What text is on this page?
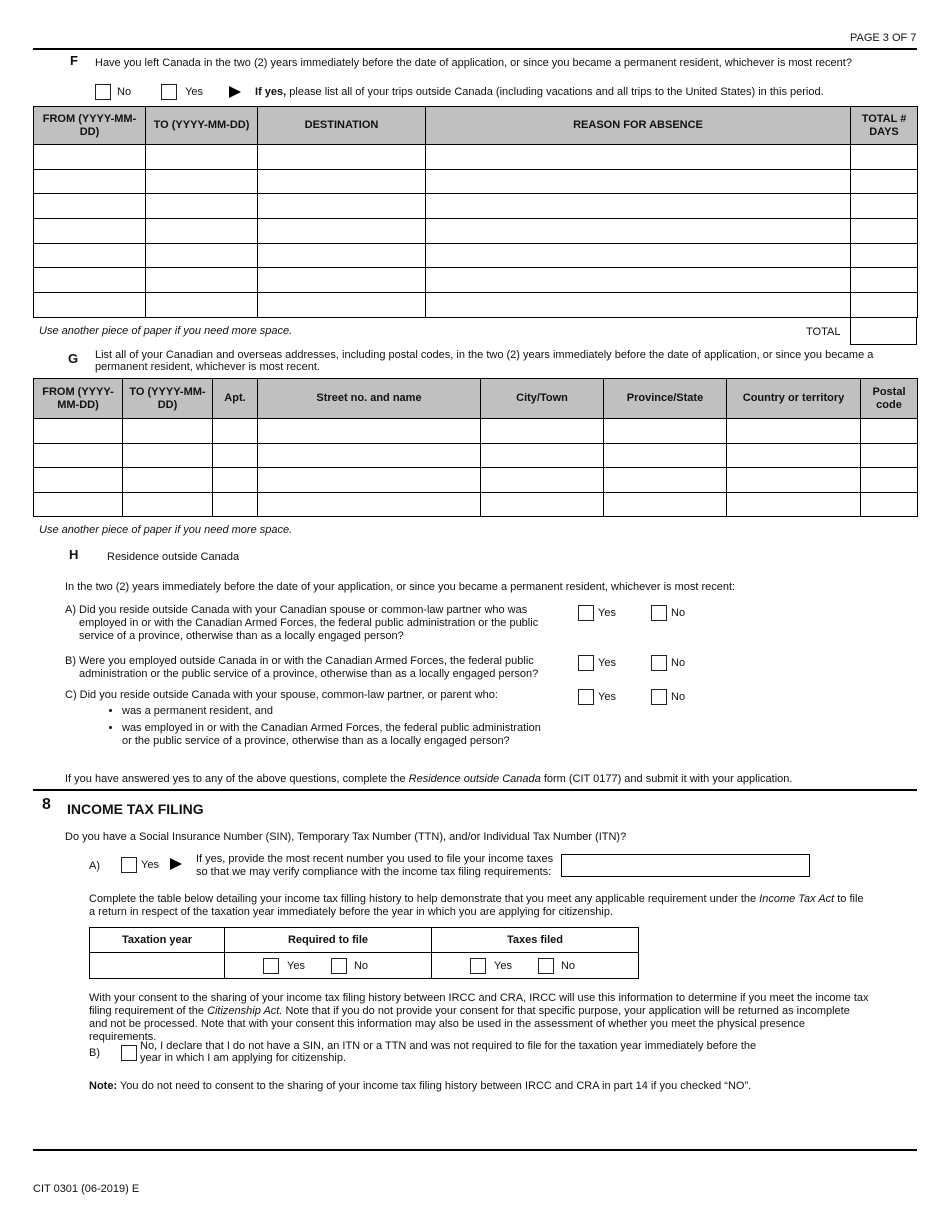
PAGE 3 OF 7
F Have you left Canada in the two (2) years immediately before the date of application, or since you became a permanent resident, whichever is most recent?
No	Yes	If yes, please list all of your trips outside Canada (including vacations and all trips to the United States) in this period.
FROM (YYYY-MM-DD)	TO (YYYY-MM-DD)	DESTINATION	REASON FOR ABSENCE	TOTAL # DAYS

Use another piece of paper if you need more space.	TOTAL
G List all of your Canadian and overseas addresses, including postal codes, in the two (2) years immediately before the date of application, or since you became a permanent resident, whichever is most recent.
FROM (YYYY-MM-DD)	TO (YYYY-MM-DD)	Apt.	Street no. and name	City/Town	Province/State	Country or territory	Postal code

Use another piece of paper if you need more space.
H	Residence outside Canada
In the two (2) years immediately before the date of your application, or since you became a permanent resident, whichever is most recent:
A) Did you reside outside Canada with your Canadian spouse or common-law partner who was employed in or with the Canadian Armed Forces, the federal public administration or the public service of a province, otherwise than as a locally engaged person?
Yes	No
B) Were you employed outside Canada in or with the Canadian Armed Forces, the federal public administration or the public service of a province, otherwise than as a locally engaged person?
Yes	No
C) Did you reside outside Canada with your spouse, common-law partner, or parent who:	Yes	No
• was a permanent resident, and
• was employed in or with the Canadian Armed Forces, the federal public administration or the public service of a province, otherwise than as a locally engaged person?
If you have answered yes to any of the above questions, complete the Residence outside Canada form (CIT 0177) and submit it with your application.
8 INCOME TAX FILING
Do you have a Social Insurance Number (SIN), Temporary Tax Number (TTN), and/or Individual Tax Number (ITN)?
A)	Yes	If yes, provide the most recent number you used to file your income taxes so that we may verify compliance with the income tax filing requirements:
Complete the table below detailing your income tax filling history to help demonstrate that you meet any applicable requirement under the Income Tax Act to file a return in respect of the taxation year immediately before the year in which you are applying for citizenship.
Taxation year	Required to file	Taxes filed

	Yes No	Yes No
With your consent to the sharing of your income tax filing history between IRCC and CRA, IRCC will use this information to determine if you meet the income tax filing requirement of the Citizenship Act. Note that if you do not provide your consent for that specific purpose, your application will be returned as incomplete and not be processed. Note that with your consent this information may also be used in the assessment of whether you meet the physical presence requirements.
B)
No, I declare that I do not have a SIN, an ITN or a TTN and was not required to file for the taxation year immediately before the year in which I am applying for citizenship.
Note: You do not need to consent to the sharing of your income tax filing history between IRCC and CRA in part 14 if you checked “NO”.
CIT 0301 (06-2019) E
